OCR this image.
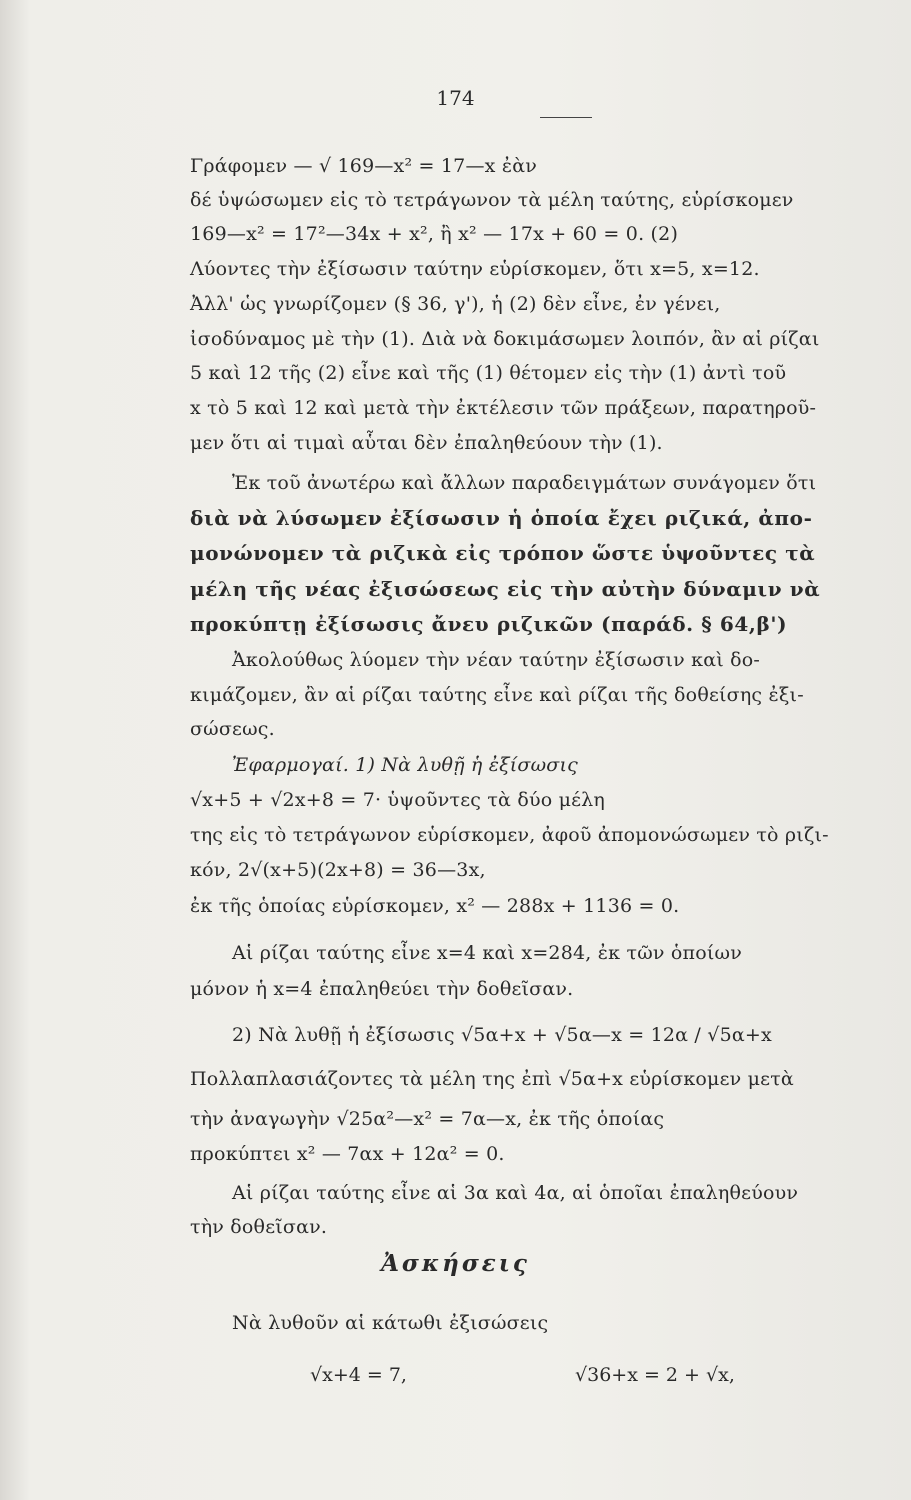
174
Γράφομεν — √ 169—x² = 17—x ἐὰν
δέ ὑψώσωμεν εἰς τὸ τετράγωνον τὰ μέλη ταύτης, εὑρίσκομεν
169—x² = 17²—34x + x², ἢ x² — 17x + 60 = 0. (2)
Λύοντες τὴν ἐξίσωσιν ταύτην εὑρίσκομεν, ὅτι x=5, x=12.
Ἀλλ' ὡς γνωρίζομεν (§ 36, γ'), ἡ (2) δὲν εἶνε, ἐν γένει,
ἰσοδύναμος μὲ τὴν (1). Διὰ νὰ δοκιμάσωμεν λοιπόν, ἂν αἱ ρίζαι
5 καὶ 12 τῆς (2) εἶνε καὶ τῆς (1) θέτομεν εἰς τὴν (1) ἀντὶ τοῦ
x τὸ 5 καὶ 12 καὶ μετὰ τὴν ἐκτέλεσιν τῶν πράξεων, παρατηροῦ-
μεν ὅτι αἱ τιμαὶ αὗται δὲν ἐπαληθεύουν τὴν (1).
Ἐκ τοῦ ἀνωτέρω καὶ ἄλλων παραδειγμάτων συνάγομεν ὅτι
διὰ νὰ λύσωμεν ἐξίσωσιν ἡ ὁποία ἔχει ριζικά, ἀπο-
μονώνομεν τὰ ριζικὰ εἰς τρόπον ὥστε ὑψοῦντες τὰ
μέλη τῆς νέας ἐξισώσεως εἰς τὴν αὐτὴν δύναμιν νὰ
προκύπτῃ ἐξίσωσις ἄνευ ριζικῶν (παράδ. § 64,β')
Ἀκολούθως λύομεν τὴν νέαν ταύτην ἐξίσωσιν καὶ δο-
κιμάζομεν, ἂν αἱ ρίζαι ταύτης εἶνε καὶ ρίζαι τῆς δοθείσης ἐξι-
σώσεως.
Ἐφαρμογαί. 1) Νὰ λυθῇ ἡ ἐξίσωσις
√x+5 + √2x+8 = 7· ὑψοῦντες τὰ δύο μέλη
της εἰς τὸ τετράγωνον εὑρίσκομεν, ἀφοῦ ἀπομονώσωμεν τὸ ριζι-
κόν, 2√(x+5)(2x+8) = 36—3x,
ἐκ τῆς ὁποίας εὑρίσκομεν, x² — 288x + 1136 = 0.
Αἱ ρίζαι ταύτης εἶνε x=4 καὶ x=284, ἐκ τῶν ὁποίων
μόνον ἡ x=4 ἐπαληθεύει τὴν δοθεῖσαν.
2) Νὰ λυθῇ ἡ ἐξίσωσις √5α+x + √5α—x = 12α / √5α+x
Πολλαπλασιάζοντες τὰ μέλη της ἐπὶ √5α+x εὑρίσκομεν μετὰ
τὴν ἀναγωγὴν √25α²—x² = 7α—x, ἐκ τῆς ὁποίας
προκύπτει x² — 7αx + 12α² = 0.
Αἱ ρίζαι ταύτης εἶνε αἱ 3α καὶ 4α, αἱ ὁποῖαι ἐπαληθεύουν
τὴν δοθεῖσαν.
Ἀσκήσεις
Νὰ λυθοῦν αἱ κάτωθι ἐξισώσεις
√x+4 = 7,	√36+x = 2 + √x,
